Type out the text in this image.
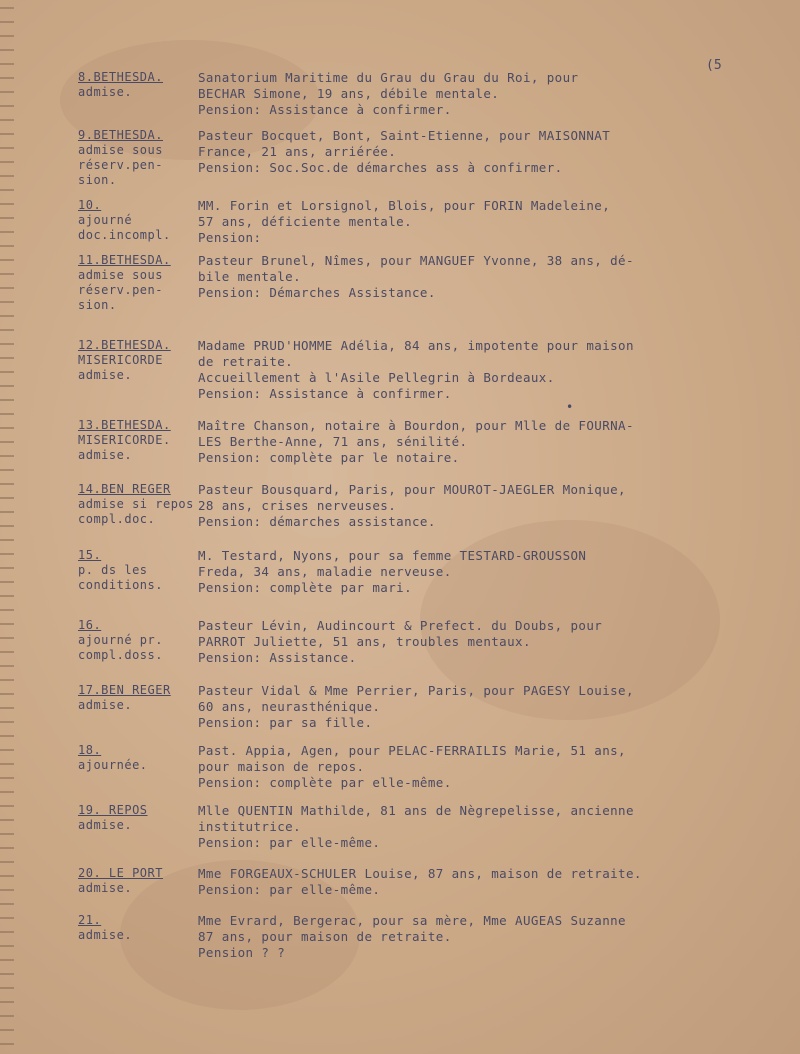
(5
•
8.BETHESDA.
admise.
Sanatorium Maritime du Grau du Grau du Roi, pour
BECHAR Simone, 19 ans, débile mentale.
Pension: Assistance à confirmer.
9.BETHESDA.
admise sous
réserv.pen-
sion.
Pasteur Bocquet, Bont, Saint-Etienne, pour MAISONNAT
France, 21 ans, arriérée.
Pension: Soc.Soc.de démarches ass à confirmer.
10.
ajourné
doc.incompl.
MM. Forin et Lorsignol, Blois, pour FORIN Madeleine,
57 ans, déficiente mentale.
Pension:
11.BETHESDA.
admise sous
réserv.pen-
sion.
Pasteur Brunel, Nîmes, pour MANGUEF Yvonne, 38 ans, dé-
bile mentale.
Pension: Démarches Assistance.
12.BETHESDA.
MISERICORDE
admise.
Madame PRUD'HOMME Adélia, 84 ans, impotente pour maison
de retraite.
Accueillement à l'Asile Pellegrin à Bordeaux.
Pension: Assistance à confirmer.
13.BETHESDA.
MISERICORDE.
admise.
Maître Chanson, notaire à Bourdon, pour Mlle de FOURNA-
LES Berthe-Anne, 71 ans, sénilité.
Pension: complète par le notaire.
14.BEN REGER
admise si repos
compl.doc.
Pasteur Bousquard, Paris, pour MOUROT-JAEGLER Monique,
28 ans, crises nerveuses.
Pension: démarches assistance.
15.
p. ds les
conditions.
M. Testard, Nyons, pour sa femme TESTARD-GROUSSON
Freda, 34 ans, maladie nerveuse.
Pension: complète par mari.
16.
ajourné pr.
compl.doss.
Pasteur Lévin, Audincourt & Prefect. du Doubs, pour
PARROT Juliette, 51 ans, troubles mentaux.
Pension: Assistance.
17.BEN REGER
admise.
Pasteur Vidal & Mme Perrier, Paris, pour PAGESY Louise,
60 ans, neurasthénique.
Pension: par sa fille.
18.
ajournée.
Past. Appia, Agen, pour PELAC-FERRAILIS Marie, 51 ans,
pour maison de repos.
Pension: complète par elle-même.
19. REPOS
admise.
Mlle QUENTIN Mathilde, 81 ans de Nègrepelisse, ancienne
institutrice.
Pension: par elle-même.
20. LE PORT
admise.
Mme FORGEAUX-SCHULER Louise, 87 ans, maison de retraite.
Pension: par elle-même.
21.
admise.
Mme Evrard, Bergerac, pour sa mère, Mme AUGEAS Suzanne
87 ans, pour maison de retraite.
Pension ? ?
